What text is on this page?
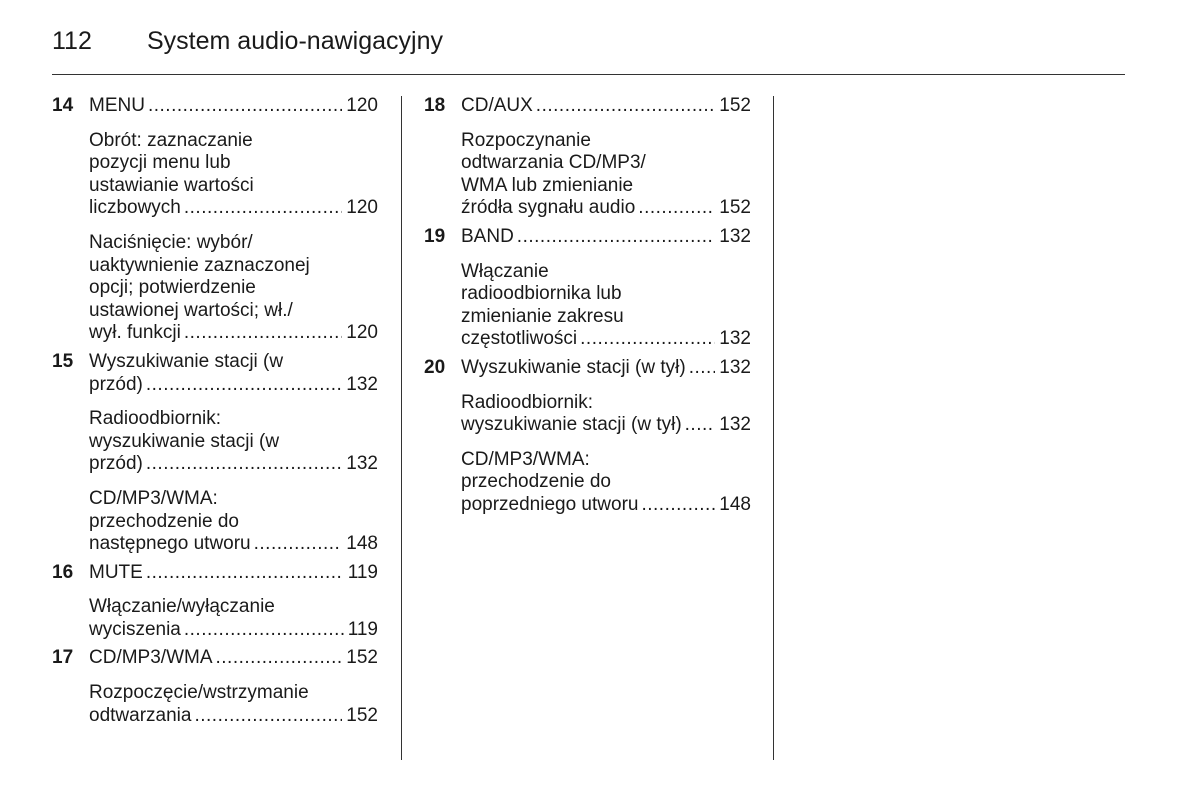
112	System audio-nawigacyjny
14 MENU .....	120
Obrót: zaznaczanie
pozycji menu lub
ustawianie wartości
liczbowych .....	120
Naciśnięcie: wybór/
uaktywnienie zaznaczonej
opcji; potwierdzenie
ustawionej wartości; wł./
wył. funkcji .....	120
15 Wyszukiwanie stacji (w
przód) .....	132
Radioodbiornik:
wyszukiwanie stacji (w
przód) .....	132
CD/MP3/WMA:
przechodzenie do
następnego utworu .....	148
16 MUTE .....	119
Włączanie/wyłączanie
wyciszenia .....	119
17 CD/MP3/WMA .....	152
Rozpoczęcie/wstrzymanie
odtwarzania .....	152
18 CD/AUX .....	152
Rozpoczynanie
odtwarzania CD/MP3/
WMA lub zmienianie
źródła sygnału audio .....	152
19 BAND .....	132
Włączanie
radioodbiornika lub
zmienianie zakresu
częstotliwości .....	132
20 Wyszukiwanie stacji (w tył) ..... 132
Radioodbiornik:
wyszukiwanie stacji (w tył) ..... 132
CD/MP3/WMA:
przechodzenie do
poprzedniego utworu .....	148
